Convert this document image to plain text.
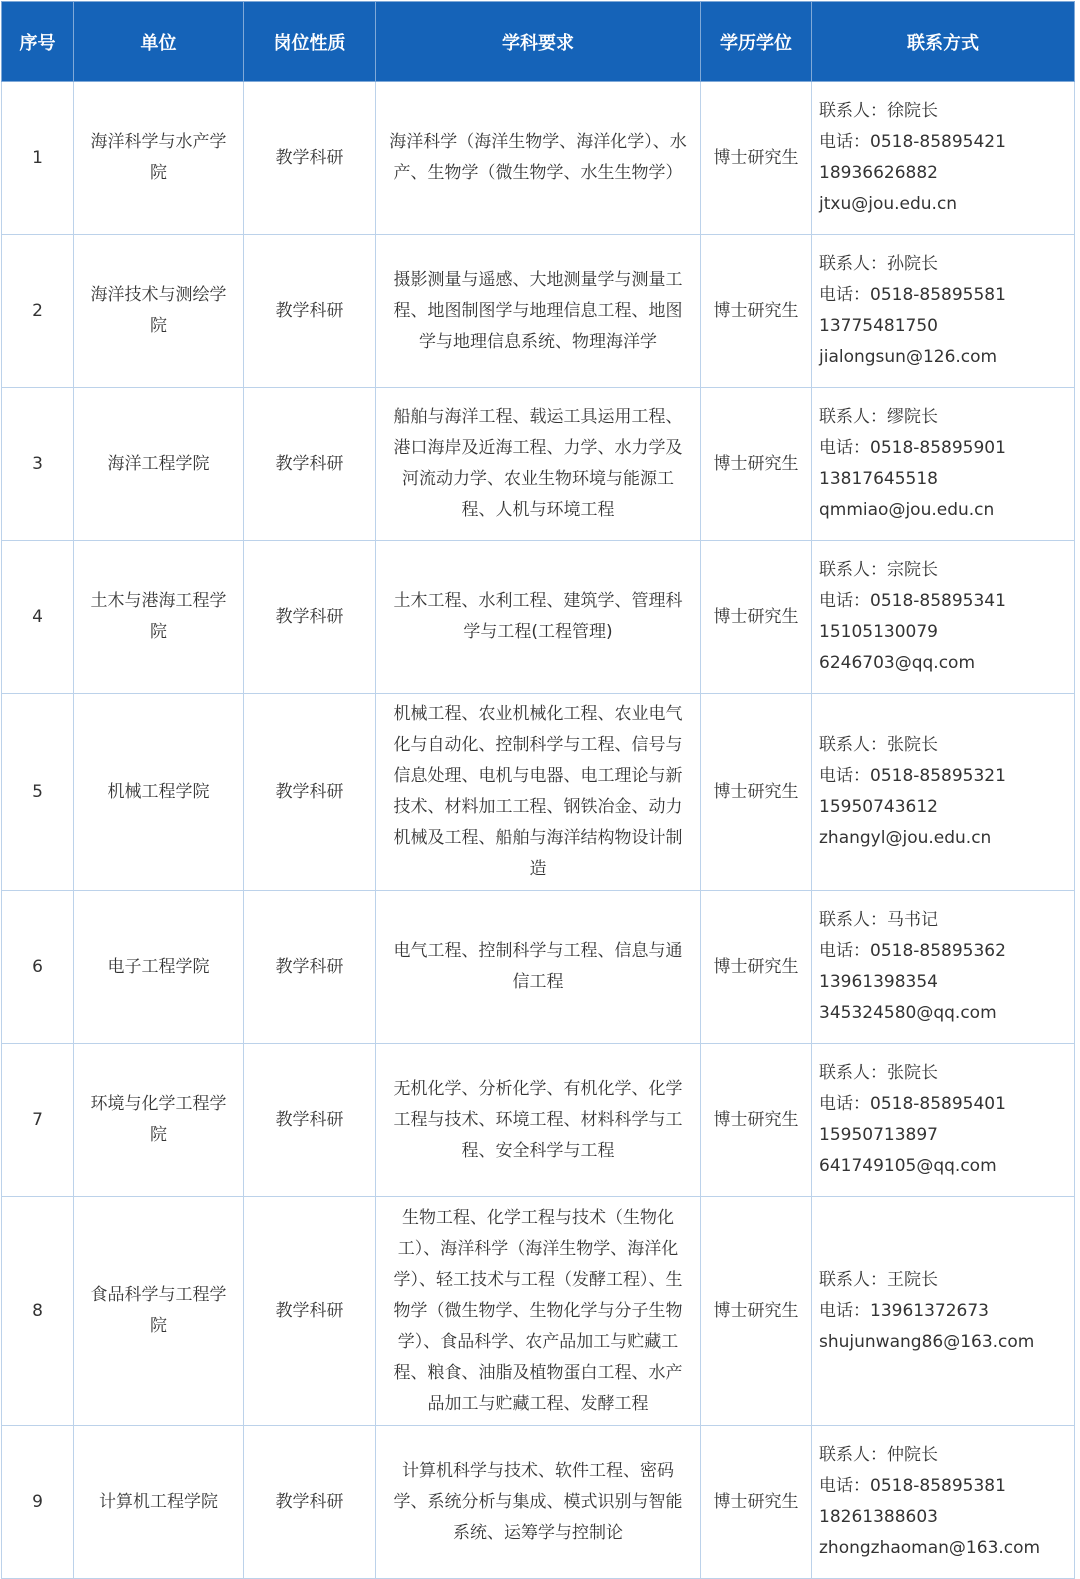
序号	单位	岗位性质	学科要求	学历学位	联系方式
1	海洋科学与水产学院	教学科研	海洋科学（海洋生物学、海洋化学）、水产、生物学（微生物学、水生生物学）	博士研究生	联系人：徐院长
电话：0518-85895421
18936626882
jtxu@jou.edu.cn

2	海洋技术与测绘学院	教学科研	摄影测量与遥感、大地测量学与测量工程、地图制图学与地理信息工程、地图学与地理信息系统、物理海洋学	博士研究生	联系人：孙院长
电话：0518-85895581
13775481750
jialongsun@126.com

3	海洋工程学院	教学科研	船舶与海洋工程、载运工具运用工程、港口海岸及近海工程、力学、水力学及河流动力学、农业生物环境与能源工程、人机与环境工程	博士研究生	联系人：缪院长
电话：0518-85895901
13817645518
qmmiao@jou.edu.cn

4	土木与港海工程学院	教学科研	土木工程、水利工程、建筑学、管理科学与工程(工程管理)	博士研究生	联系人：宗院长
电话：0518-85895341
15105130079
6246703@qq.com

5	机械工程学院	教学科研	机械工程、农业机械化工程、农业电气化与自动化、控制科学与工程、信号与信息处理、电机与电器、电工理论与新技术、材料加工工程、钢铁冶金、动力机械及工程、船舶与海洋结构物设计制造	博士研究生	联系人：张院长
电话：0518-85895321
15950743612
zhangyl@jou.edu.cn

6	电子工程学院	教学科研	电气工程、控制科学与工程、信息与通信工程	博士研究生	联系人：马书记
电话：0518-85895362
13961398354
345324580@qq.com

7	环境与化学工程学院	教学科研	无机化学、分析化学、有机化学、化学工程与技术、环境工程、材料科学与工程、安全科学与工程	博士研究生	联系人：张院长
电话：0518-85895401
15950713897
641749105@qq.com

8	食品科学与工程学院	教学科研	生物工程、化学工程与技术（生物化工）、海洋科学（海洋生物学、海洋化学）、轻工技术与工程（发酵工程）、生物学（微生物学、生物化学与分子生物学）、食品科学、农产品加工与贮藏工程、粮食、油脂及植物蛋白工程、水产品加工与贮藏工程、发酵工程	博士研究生	联系人：王院长
电话：13961372673
shujunwang86@163.com

9	计算机工程学院	教学科研	计算机科学与技术、软件工程、密码学、系统分析与集成、模式识别与智能系统、运筹学与控制论	博士研究生	联系人：仲院长
电话：0518-85895381
18261388603
zhongzhaoman@163.com
